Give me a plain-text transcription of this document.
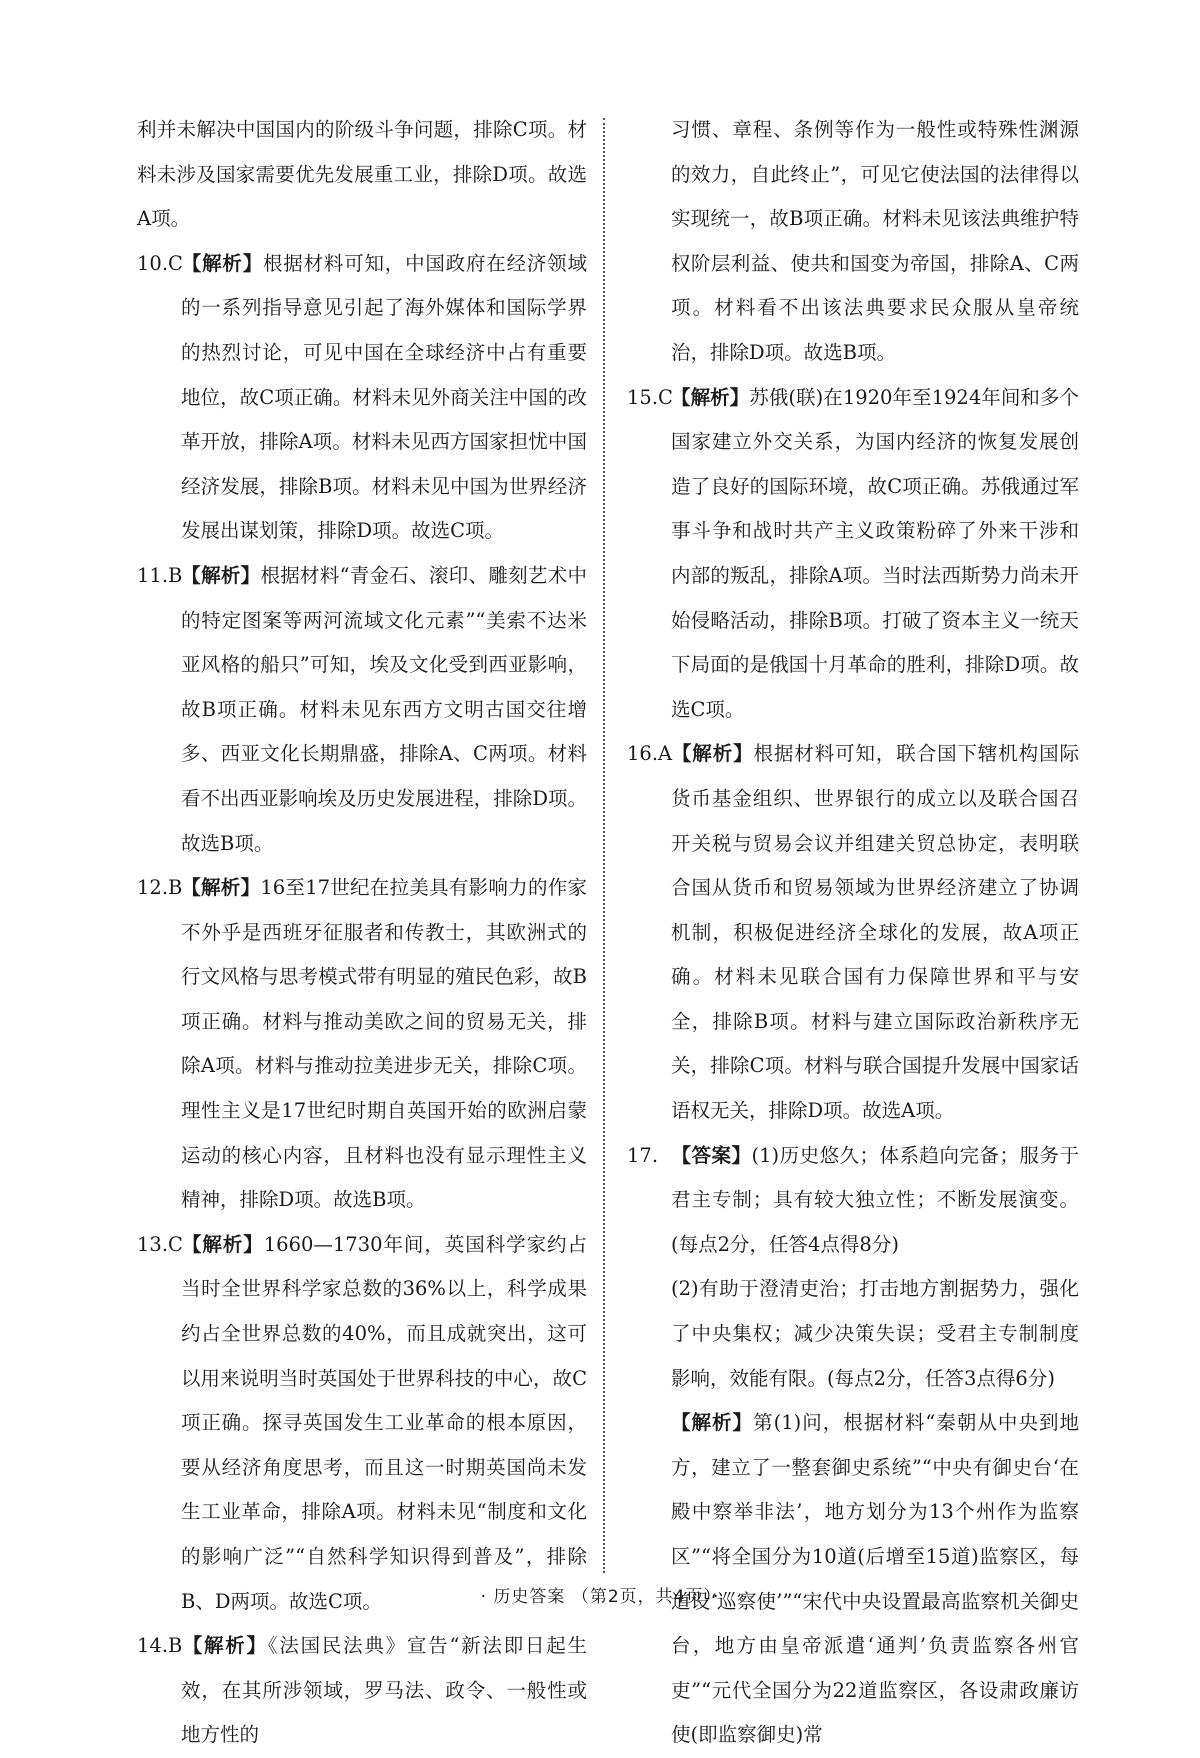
利并未解决中国国内的阶级斗争问题，排除C项。材料未涉及国家需要优先发展重工业，排除D项。故选A项。

10.C【解析】根据材料可知，中国政府在经济领域的一系列指导意见引起了海外媒体和国际学界的热烈讨论，可见中国在全球经济中占有重要地位，故C项正确。材料未见外商关注中国的改革开放，排除A项。材料未见西方国家担忧中国经济发展，排除B项。材料未见中国为世界经济发展出谋划策，排除D项。故选C项。

11.B【解析】根据材料“青金石、滚印、雕刻艺术中的特定图案等两河流域文化元素”“美索不达米亚风格的船只”可知，埃及文化受到西亚影响，故B项正确。材料未见东西方文明古国交往增多、西亚文化长期鼎盛，排除A、C两项。材料看不出西亚影响埃及历史发展进程，排除D项。故选B项。

12.B【解析】16至17世纪在拉美具有影响力的作家不外乎是西班牙征服者和传教士，其欧洲式的行文风格与思考模式带有明显的殖民色彩，故B项正确。材料与推动美欧之间的贸易无关，排除A项。材料与推动拉美进步无关，排除C项。理性主义是17世纪时期自英国开始的欧洲启蒙运动的核心内容，且材料也没有显示理性主义精神，排除D项。故选B项。

13.C【解析】1660—1730年间，英国科学家约占当时全世界科学家总数的36%以上，科学成果约占全世界总数的40%，而且成就突出，这可以用来说明当时英国处于世界科技的中心，故C项正确。探寻英国发生工业革命的根本原因，要从经济角度思考，而且这一时期英国尚未发生工业革命，排除A项。材料未见“制度和文化的影响广泛”“自然科学知识得到普及”，排除B、D两项。故选C项。

14.B【解析】《法国民法典》宣告“新法即日起生效，在其所涉领域，罗马法、政令、一般性或地方性的

习惯、章程、条例等作为一般性或特殊性渊源的效力，自此终止”，可见它使法国的法律得以实现统一，故B项正确。材料未见该法典维护特权阶层利益、使共和国变为帝国，排除A、C两项。材料看不出该法典要求民众服从皇帝统治，排除D项。故选B项。

15.C【解析】苏俄(联)在1920年至1924年间和多个国家建立外交关系，为国内经济的恢复发展创造了良好的国际环境，故C项正确。苏俄通过军事斗争和战时共产主义政策粉碎了外来干涉和内部的叛乱，排除A项。当时法西斯势力尚未开始侵略活动，排除B项。打破了资本主义一统天下局面的是俄国十月革命的胜利，排除D项。故选C项。

16.A【解析】根据材料可知，联合国下辖机构国际货币基金组织、世界银行的成立以及联合国召开关税与贸易会议并组建关贸总协定，表明联合国从货币和贸易领域为世界经济建立了协调机制，积极促进经济全球化的发展，故A项正确。材料未见联合国有力保障世界和平与安全，排除B项。材料与建立国际政治新秩序无关，排除C项。材料与联合国提升发展中国家话语权无关，排除D项。故选A项。

17. 【答案】(1)历史悠久；体系趋向完备；服务于君主专制；具有较大独立性；不断发展演变。(每点2分，任答4点得8分)

(2)有助于澄清吏治；打击地方割据势力，强化了中央集权；减少决策失误；受君主专制制度影响，效能有限。(每点2分，任答3点得6分)

【解析】第(1)问，根据材料“秦朝从中央到地方，建立了一整套御史系统”“中央有御史台‘在殿中察举非法’，地方划分为13个州作为监察区”“将全国分为10道(后增至15道)监察区，每道设‘巡察使’”“宋代中央设置最高监察机关御史台，地方由皇帝派遣‘通判’负责监察各州官吏”“元代全国分为22道监察区，各设肃政廉访使(即监察御史)常

· 历史答案 （第2页，共4页）·
